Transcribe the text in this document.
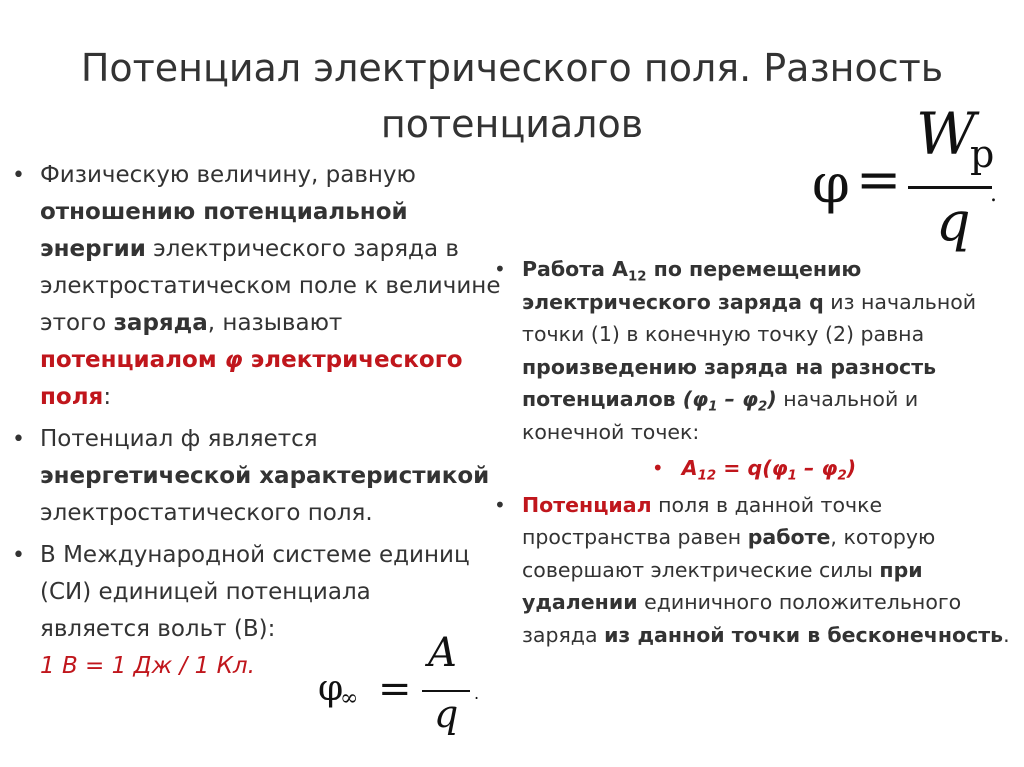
Потенциал электрического поля. Разность
потенциалов
φ =
W
p
q .
• Физическую величину, равную отношению потенциальной энергии электрического заряда в электростатическом поле к величине этого заряда, называют потенциалом φ электрического поля:
• Потенциал ф является энергетической характеристикой электростатического поля.
• В Международной системе единиц (СИ) единицей потенциала является вольт (В):
1 В = 1 Дж / 1 Кл.
φ
∞ =
A
q .
• Работа $А_{12}$ по перемещению электрического заряда q из начальной точки (1) в конечную точку (2) равна произведению заряда на разность потенциалов $(\varphi_1 - \varphi_2)$ начальной и конечной точек:
• $A_{12} = q(\varphi_1 - \varphi_2)$
• Потенциал поля в данной точке пространства равен работе, которую совершают электрические силы при удалении единичного положительного заряда из данной точки в бесконечность.
